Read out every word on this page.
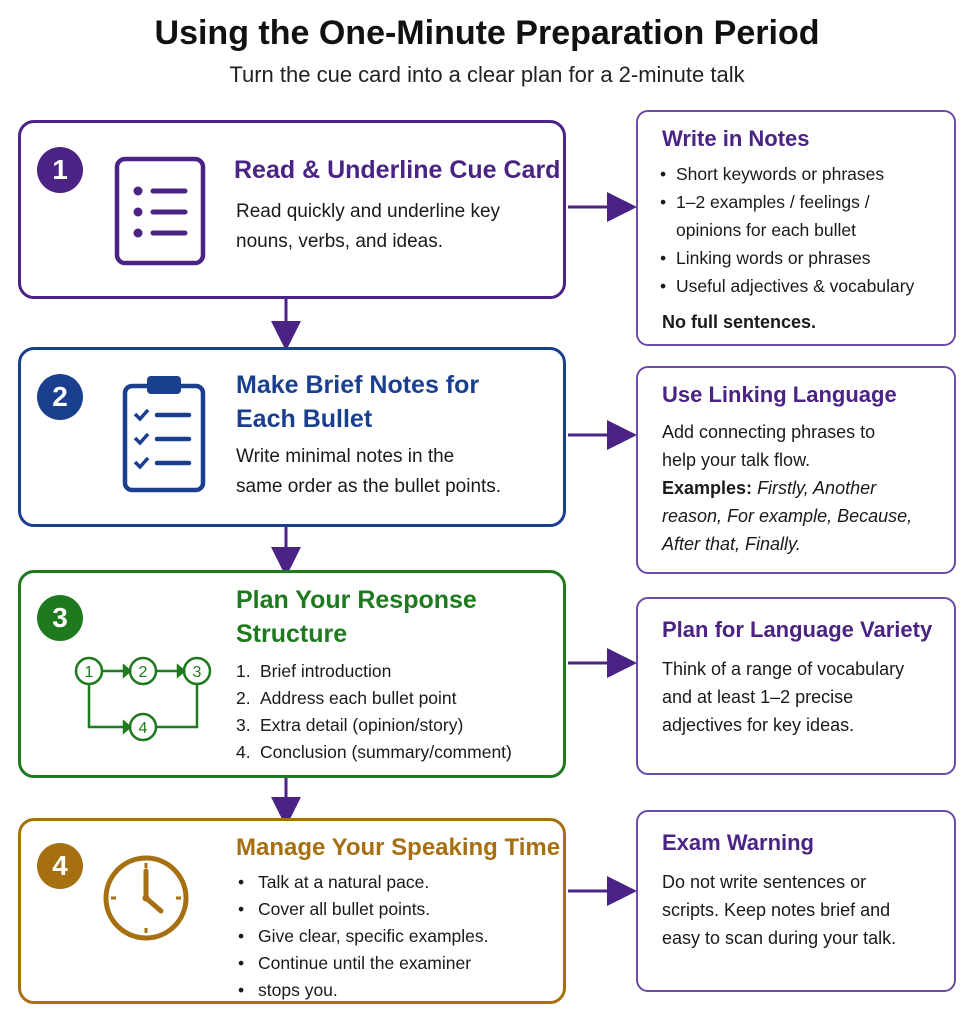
Using the One-Minute Preparation Period
Turn the cue card into a clear plan for a 2-minute talk
1	Read & Underline Cue Card
Read quickly and underline key
nouns, verbs, and ideas.
2	Make Brief Notes for
Each Bullet
Write minimal notes in the
same order as the bullet points.
3
1	2	3
4
Plan Your Response
Structure
1. Brief introduction
2. Address each bullet point
3. Extra detail (opinion/story)
4. Conclusion (summary/comment)
4
Manage Your Speaking Time
• Talk at a natural pace.
• Cover all bullet points.
• Give clear, specific examples.
• Continue until the examiner
• stops you.
Write in Notes
• Short keywords or phrases
• 1–2 examples / feelings /
opinions for each bullet
• Linking words or phrases
• Useful adjectives & vocabulary
No full sentences.
Use Linking Language
Add connecting phrases to
help your talk flow.
Examples: Firstly, Another
reason, For example, Because,
After that, Finally.
Plan for Language Variety
Think of a range of vocabulary
and at least 1–2 precise
adjectives for key ideas.
Exam Warning
Do not write sentences or
scripts. Keep notes brief and
easy to scan during your talk.
